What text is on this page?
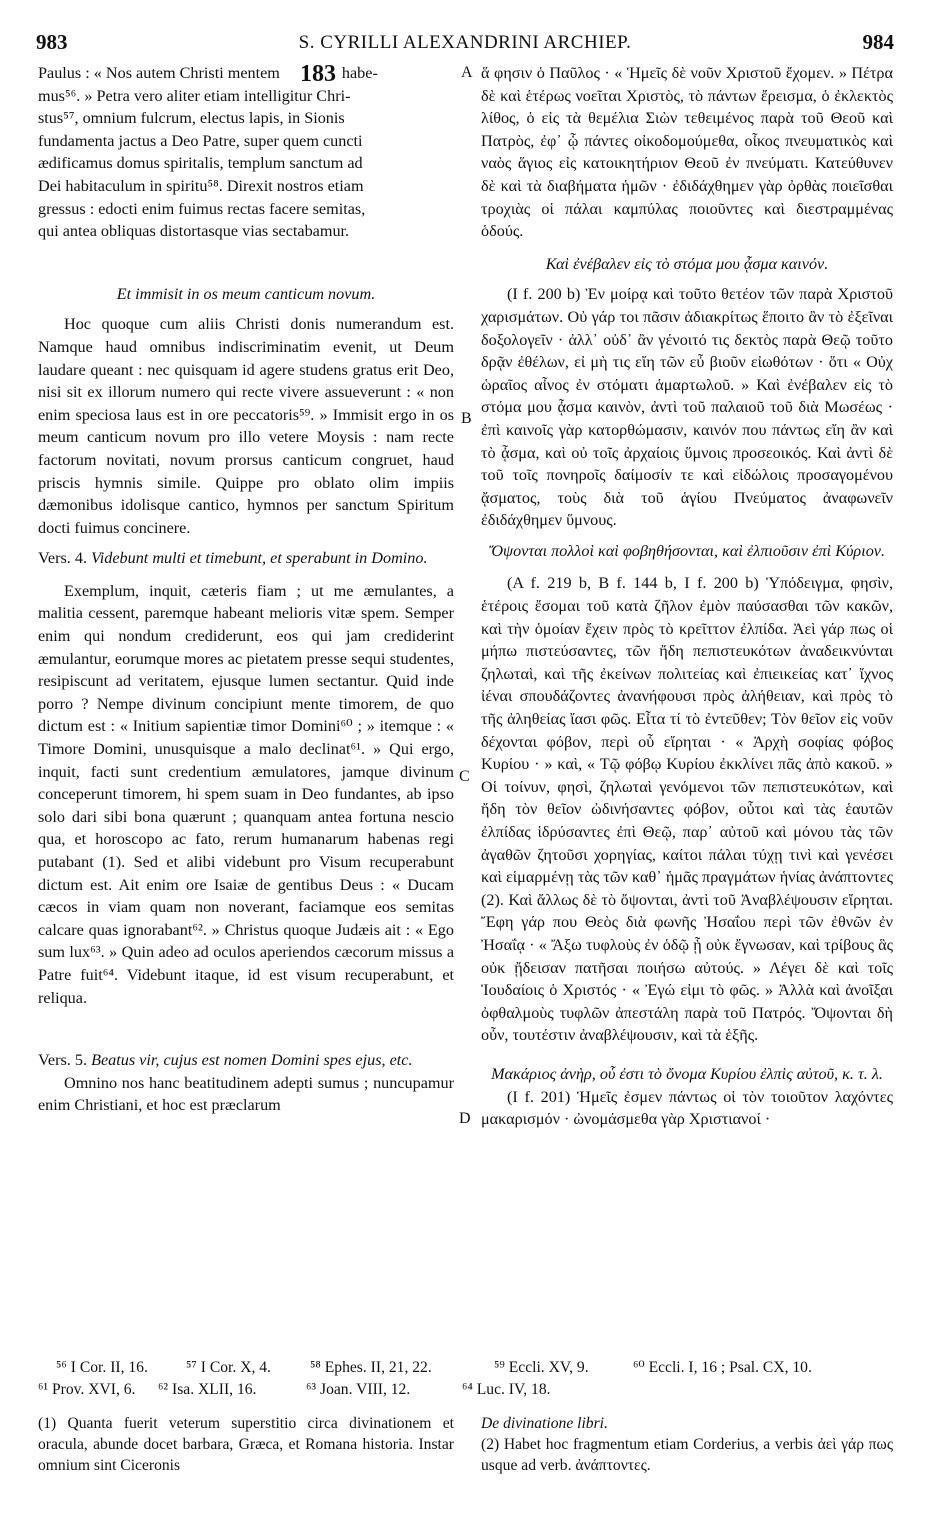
983	S. CYRILLI ALEXANDRINI ARCHIEP.	984
183

Paulus : « Nos autem Christi mentem	habe-

mus⁵⁶. » Petra vero aliter etiam intelligitur Chri-

stus⁵⁷, omnium fulcrum, electus lapis, in Sionis

fundamenta jactus a Deo Patre, super quem cuncti

ædificamus domus spiritalis, templum sanctum ad

Dei habitaculum in spiritu⁵⁸. Direxit nostros etiam

gressus : edocti enim fuimus rectas facere semitas,

qui antea obliquas distortasque vias sectabamur.

Et immisit in os meum canticum novum.

Hoc quoque cum aliis Christi donis numerandum est. Namque haud omnibus indiscriminatim evenit, ut Deum laudare queant : nec quisquam id agere studens gratus erit Deo, nisi sit ex illorum numero qui recte vivere assueverunt : « non enim speciosa laus est in ore peccatoris⁵⁹. » Immisit ergo in os meum canticum novum pro illo vetere Moysis : nam recte factorum novitati, novum prorsus canticum congruet, haud priscis hymnis simile. Quippe pro oblato olim impiis dæmonibus idolisque cantico, hymnos per sanctum Spiritum docti fuimus concinere.

Vers. 4. Videbunt multi et timebunt, et sperabunt in Domino.

Exemplum, inquit, cæteris fiam ; ut me æmulantes, a malitia cessent, paremque habeant melioris vitæ spem. Semper enim qui nondum crediderunt, eos qui jam crediderint æmulantur, eorumque mores ac pietatem presse sequi studentes, resipiscunt ad veritatem, ejusque lumen sectantur. Quid inde porro ? Nempe divinum concipiunt mente timorem, de quo dictum est : « Initium sapientiæ timor Domini⁶⁰ ; » itemque : « Timore Domini, unusquisque a malo declinat⁶¹. » Qui ergo, inquit, facti sunt credentium æmulatores, jamque divinum conceperunt timorem, hi spem suam in Deo fundantes, ab ipso solo dari sibi bona quærunt ; quanquam antea fortuna nescio qua, et horoscopo ac fato, rerum humanarum habenas regi putabant (1). Sed et alibi videbunt pro Visum recuperabunt dictum est. Ait enim ore Isaiæ de gentibus Deus : « Ducam cæcos in viam quam non noverant, faciamque eos semitas calcare quas ignorabant⁶². » Christus quoque Judæis ait : « Ego sum lux⁶³. » Quin adeo ad oculos aperiendos cæcorum missus a Patre fuit⁶⁴. Videbunt itaque, id est visum recuperabunt, et reliqua.

Vers. 5. Beatus vir, cujus est nomen Domini spes ejus, etc.

Omnino nos hanc beatitudinem adepti sumus ; nuncupamur enim Christiani, et hoc est præclarum

A
B
C
D

ἅ φησιν ὁ Παῦλος · « Ἡμεῖς δὲ νοῦν Χριστοῦ ἔχομεν. » Πέτρα δὲ καὶ ἑτέρως νοεῖται Χριστὸς, τὸ πάντων ἔρεισμα, ὁ ἐκλεκτὸς λίθος, ὁ εἰς τὰ θεμέλια Σιὼν τεθειμένος παρὰ τοῦ Θεοῦ καὶ Πατρὸς, ἐφ᾽ ᾧ πάντες οἰκοδομούμεθα, οἶκος πνευματικὸς καὶ ναὸς ἅγιος εἰς κατοικητήριον Θεοῦ ἐν πνεύματι. Κατεύθυνεν δὲ καὶ τὰ διαβήματα ἡμῶν · ἐδιδάχθημεν γὰρ ὀρθὰς ποιεῖσθαι τροχιὰς οἱ πάλαι καμπύλας ποιοῦντες καὶ διεστραμμένας ὁδούς.

Καὶ ἐνέβαλεν εἰς τὸ στόμα μου ᾆσμα καινόν.

(I f. 200 b) Ἐν μοίρᾳ καὶ τοῦτο θετέον τῶν παρὰ Χριστοῦ χαρισμάτων. Οὐ γάρ τοι πᾶσιν ἀδιακρίτως ἕποιτο ἂν τὸ ἐξεῖναι δοξολογεῖν · ἀλλ᾽ οὐδ᾽ ἂν γένοιτό τις δεκτὸς παρὰ Θεῷ τοῦτο δρᾷν ἐθέλων, εἰ μὴ τις εἴη τῶν εὖ βιοῦν εἰωθότων · ὅτι « Οὐχ ὡραῖος αἶνος ἐν στόματι ἁμαρτωλοῦ. » Καὶ ἐνέβαλεν εἰς τὸ στόμα μου ᾆσμα καινὸν, ἀντὶ τοῦ παλαιοῦ τοῦ διὰ Μωσέως · ἐπὶ καινοῖς γὰρ κατορθώμασιν, καινόν που πάντως εἴη ἂν καὶ τὸ ᾆσμα, καὶ οὐ τοῖς ἀρχαίοις ὕμνοις προσεοικός. Καὶ ἀντὶ δὲ τοῦ τοῖς πονηροῖς δαίμοσίν τε καὶ εἰδώλοις προσαγομένου ᾄσματος, τοὺς διὰ τοῦ ἁγίου Πνεύματος ἀναφωνεῖν ἐδιδάχθημεν ὕμνους.

Ὄψονται πολλοὶ καὶ φοβηθήσονται, καὶ ἐλπιοῦσιν ἐπὶ Κύριον.

(A f. 219 b, B f. 144 b, I f. 200 b) Ὑπόδειγμα, φησὶν, ἑτέροις ἔσομαι τοῦ κατὰ ζῆλον ἐμὸν παύσασθαι τῶν κακῶν, καὶ τὴν ὁμοίαν ἔχειν πρὸς τὸ κρεῖττον ἐλπίδα. Ἀεὶ γάρ πως οἱ μήπω πιστεύσαντες, τῶν ἤδη πεπιστευκότων ἀναδεικνύνται ζηλωταὶ, καὶ τῆς ἐκείνων πολιτείας καὶ ἐπιεικείας κατ᾽ ἴχνος ἰέναι σπουδάζοντες ἀνανήφουσι πρὸς ἀλήθειαν, καὶ πρὸς τὸ τῆς ἀληθείας ἴασι φῶς. Εἶτα τί τὸ ἐντεῦθεν; Τὸν θεῖον εἰς νοῦν δέχονται φόβον, περὶ οὗ εἴρηται · « Ἀρχὴ σοφίας φόβος Κυρίου · » καὶ, « Τῷ φόβῳ Κυρίου ἐκκλίνει πᾶς ἀπὸ κακοῦ. » Οἱ τοίνυν, φησὶ, ζηλωταὶ γενόμενοι τῶν πεπιστευκότων, καὶ ἤδη τὸν θεῖον ὠδινήσαντες φόβον, οὗτοι καὶ τὰς ἑαυτῶν ἐλπίδας ἱδρύσαντες ἐπὶ Θεῷ, παρ᾽ αὐτοῦ καὶ μόνου τὰς τῶν ἀγαθῶν ζητοῦσι χορηγίας, καίτοι πάλαι τύχῃ τινὶ καὶ γενέσει καὶ εἱμαρμένῃ τὰς τῶν καθ᾽ ἡμᾶς πραγμάτων ἡνίας ἀνάπτοντες (2). Καὶ ἄλλως δὲ τὸ ὄψονται, ἀντὶ τοῦ Ἀναβλέψουσιν εἴρηται. Ἔφη γάρ που Θεὸς διὰ φωνῆς Ἠσαΐου περὶ τῶν ἐθνῶν ἐν Ἠσαΐᾳ · « Ἄξω τυφλοὺς ἐν ὁδῷ ᾗ οὐκ ἔγνωσαν, καὶ τρίβους ἃς οὐκ ᾔδεισαν πατῆσαι ποιήσω αὐτούς. » Λέγει δὲ καὶ τοῖς Ἰουδαίοις ὁ Χριστός · « Ἐγώ εἰμι τὸ φῶς. » Ἀλλὰ καὶ ἀνοῖξαι ὀφθαλμοὺς τυφλῶν ἀπεστάλη παρὰ τοῦ Πατρός. Ὄψονται δὴ οὖν, τουτέστιν ἀναβλέψουσιν, καὶ τὰ ἑξῆς.

Μακάριος ἀνὴρ, οὗ ἐστι τὸ ὄνομα Κυρίου ἐλπὶς αὐτοῦ, κ. τ. λ.

(I f. 201) Ἡμεῖς ἐσμεν πάντως οἱ τὸν τοιοῦτον λαχόντες μακαρισμόν · ὠνομάσμεθα γὰρ Χριστιανοί ·

⁵⁶ I Cor. II, 16. ⁵⁷ I Cor. X, 4.	⁵⁸ Ephes. II, 21, 22.	⁵⁹ Eccli. XV, 9.	⁶⁰ Eccli. I, 16 ; Psal. CX, 10.
⁶¹ Prov. XVI, 6. ⁶² Isa. XLII, 16.	⁶³ Joan. VIII, 12.	⁶⁴ Luc. IV, 18.

(1) Quanta fuerit veterum superstitio circa divinationem et oracula, abunde docet barbara, Græca, et Romana historia. Instar omnium sint Ciceronis

De divinatione libri.

(2) Habet hoc fragmentum etiam Corderius, a verbis ἀεὶ γάρ πως usque ad verb. ἀνάπτοντες.
